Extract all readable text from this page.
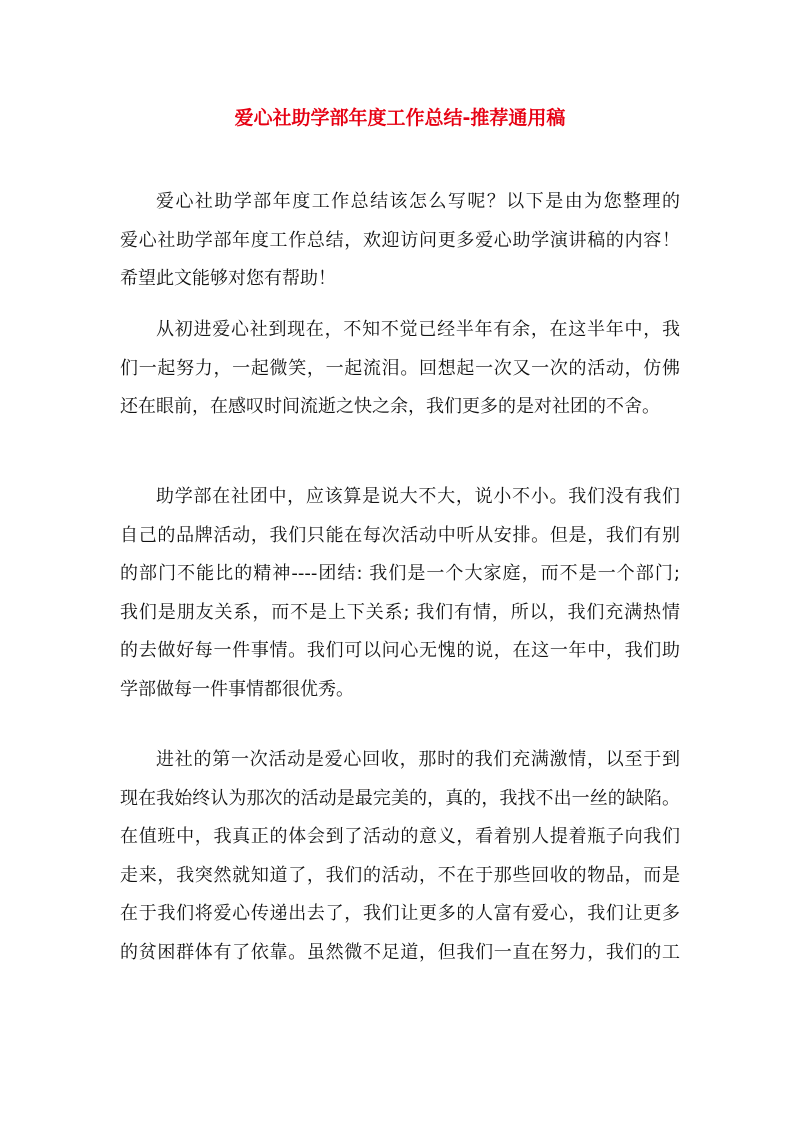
爱心社助学部年度工作总结-推荐通用稿
爱心社助学部年度工作总结该怎么写呢？以下是由为您整理的
爱心社助学部年度工作总结，欢迎访问更多爱心助学演讲稿的内容！
希望此文能够对您有帮助！
从初进爱心社到现在，不知不觉已经半年有余，在这半年中，我
们一起努力，一起微笑，一起流泪。回想起一次又一次的活动，仿佛
还在眼前，在感叹时间流逝之快之余，我们更多的是对社团的不舍。
助学部在社团中，应该算是说大不大，说小不小。我们没有我们
自己的品牌活动，我们只能在每次活动中听从安排。但是，我们有别
的部门不能比的精神----团结: 我们是一个大家庭，而不是一个部门;
我们是朋友关系，而不是上下关系; 我们有情，所以，我们充满热情
的去做好每一件事情。我们可以问心无愧的说，在这一年中，我们助
学部做每一件事情都很优秀。
进社的第一次活动是爱心回收，那时的我们充满激情，以至于到
现在我始终认为那次的活动是最完美的，真的，我找不出一丝的缺陷。
在值班中，我真正的体会到了活动的意义，看着别人提着瓶子向我们
走来，我突然就知道了，我们的活动，不在于那些回收的物品，而是
在于我们将爱心传递出去了，我们让更多的人富有爱心，我们让更多
的贫困群体有了依靠。虽然微不足道，但我们一直在努力，我们的工
